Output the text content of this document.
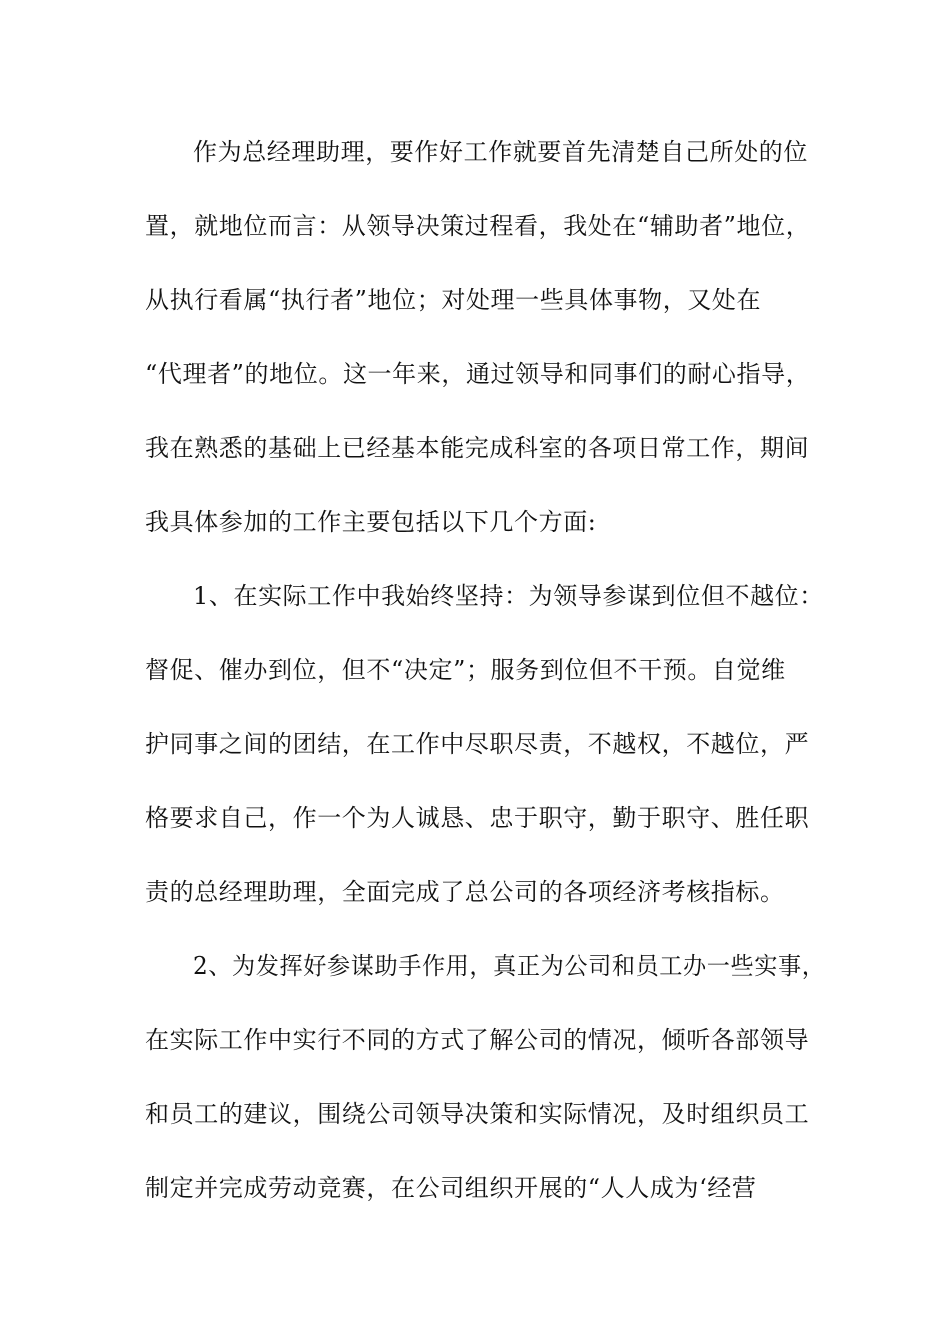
作为总经理助理，要作好工作就要首先清楚自己所处的位
置，就地位而言：从领导决策过程看，我处在“辅助者”地位，
从执行看属“执行者”地位；对处理一些具体事物，又处在
“代理者”的地位。这一年来，通过领导和同事们的耐心指导，
我在熟悉的基础上已经基本能完成科室的各项日常工作，期间
我具体参加的工作主要包括以下几个方面:
1、在实际工作中我始终坚持：为领导参谋到位但不越位：
督促、催办到位，但不“决定”；服务到位但不干预。自觉维
护同事之间的团结，在工作中尽职尽责，不越权，不越位，严
格要求自己，作一个为人诚恳、忠于职守，勤于职守、胜任职
责的总经理助理，全面完成了总公司的各项经济考核指标。
2、为发挥好参谋助手作用，真正为公司和员工办一些实事，
在实际工作中实行不同的方式了解公司的情况，倾听各部领导
和员工的建议，围绕公司领导决策和实际情况，及时组织员工
制定并完成劳动竞赛，在公司组织开展的“人人成为‘经营
